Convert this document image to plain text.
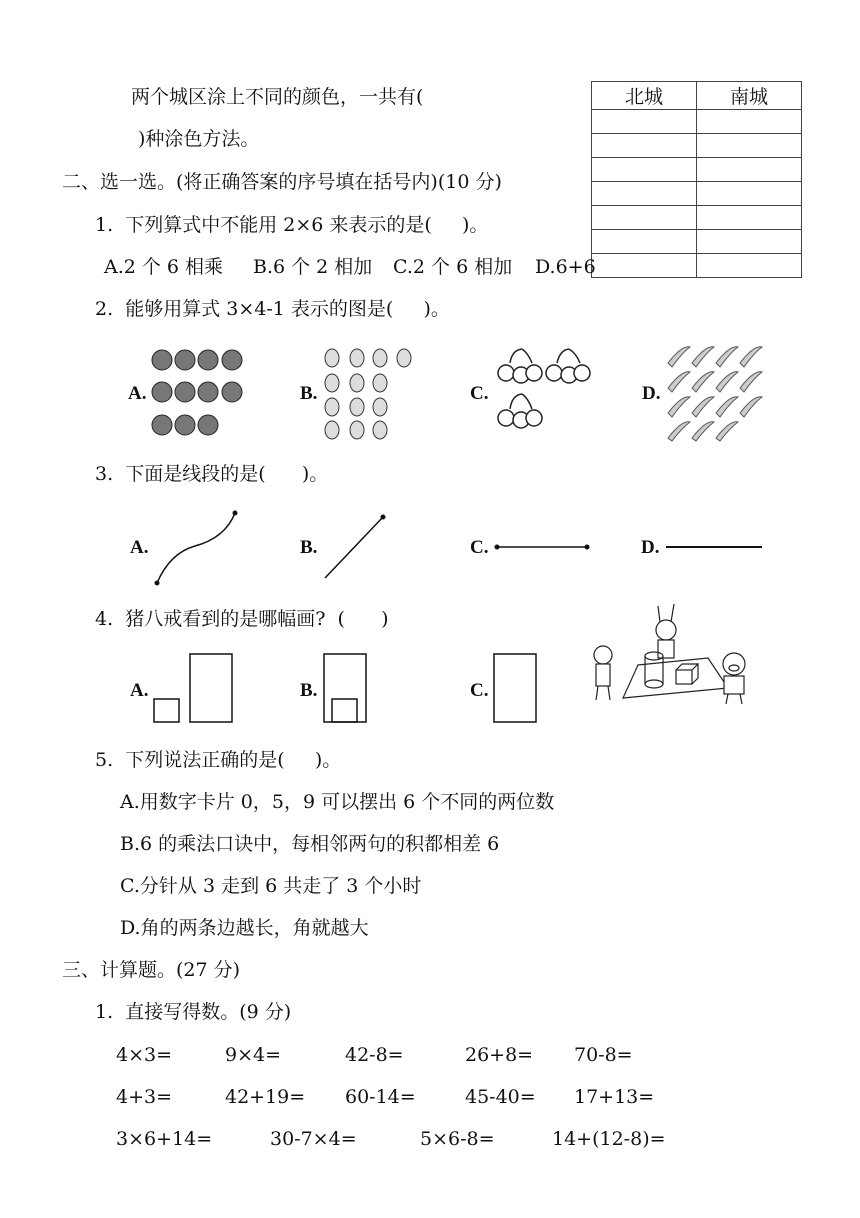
两个城区涂上不同的颜色，一共有(
)种涂色方法。
北城	南城

二、选一选。(将正确答案的序号填在括号内)(10 分)
1.  下列算式中不能用 2×6 来表示的是(     )。
A.2 个 6 相乘 B.6 个 2 相加 C.2 个 6 相加 D.6+6
2.  能够用算式 3×4-1 表示的图是(     )。
A.	B.	C.	D.
3.  下面是线段的是(      )。
A.	B.	C.	D.
4.  猪八戒看到的是哪幅画?  (      )
A.	B.	C.
5.  下列说法正确的是(     )。
A.用数字卡片 0，5，9 可以摆出 6 个不同的两位数
B.6 的乘法口诀中，每相邻两句的积都相差 6
C.分针从 3 走到 6 共走了 3 个小时
D.角的两条边越长，角就越大
三、计算题。(27 分)
1.  直接写得数。(9 分)
4×3=	9×4=	42-8=	26+8= 70-8=
4+3=	42+19= 60-14=	45-40= 17+13=
3×6+14=	30-7×4=	5×6-8=	14+(12-8)=
